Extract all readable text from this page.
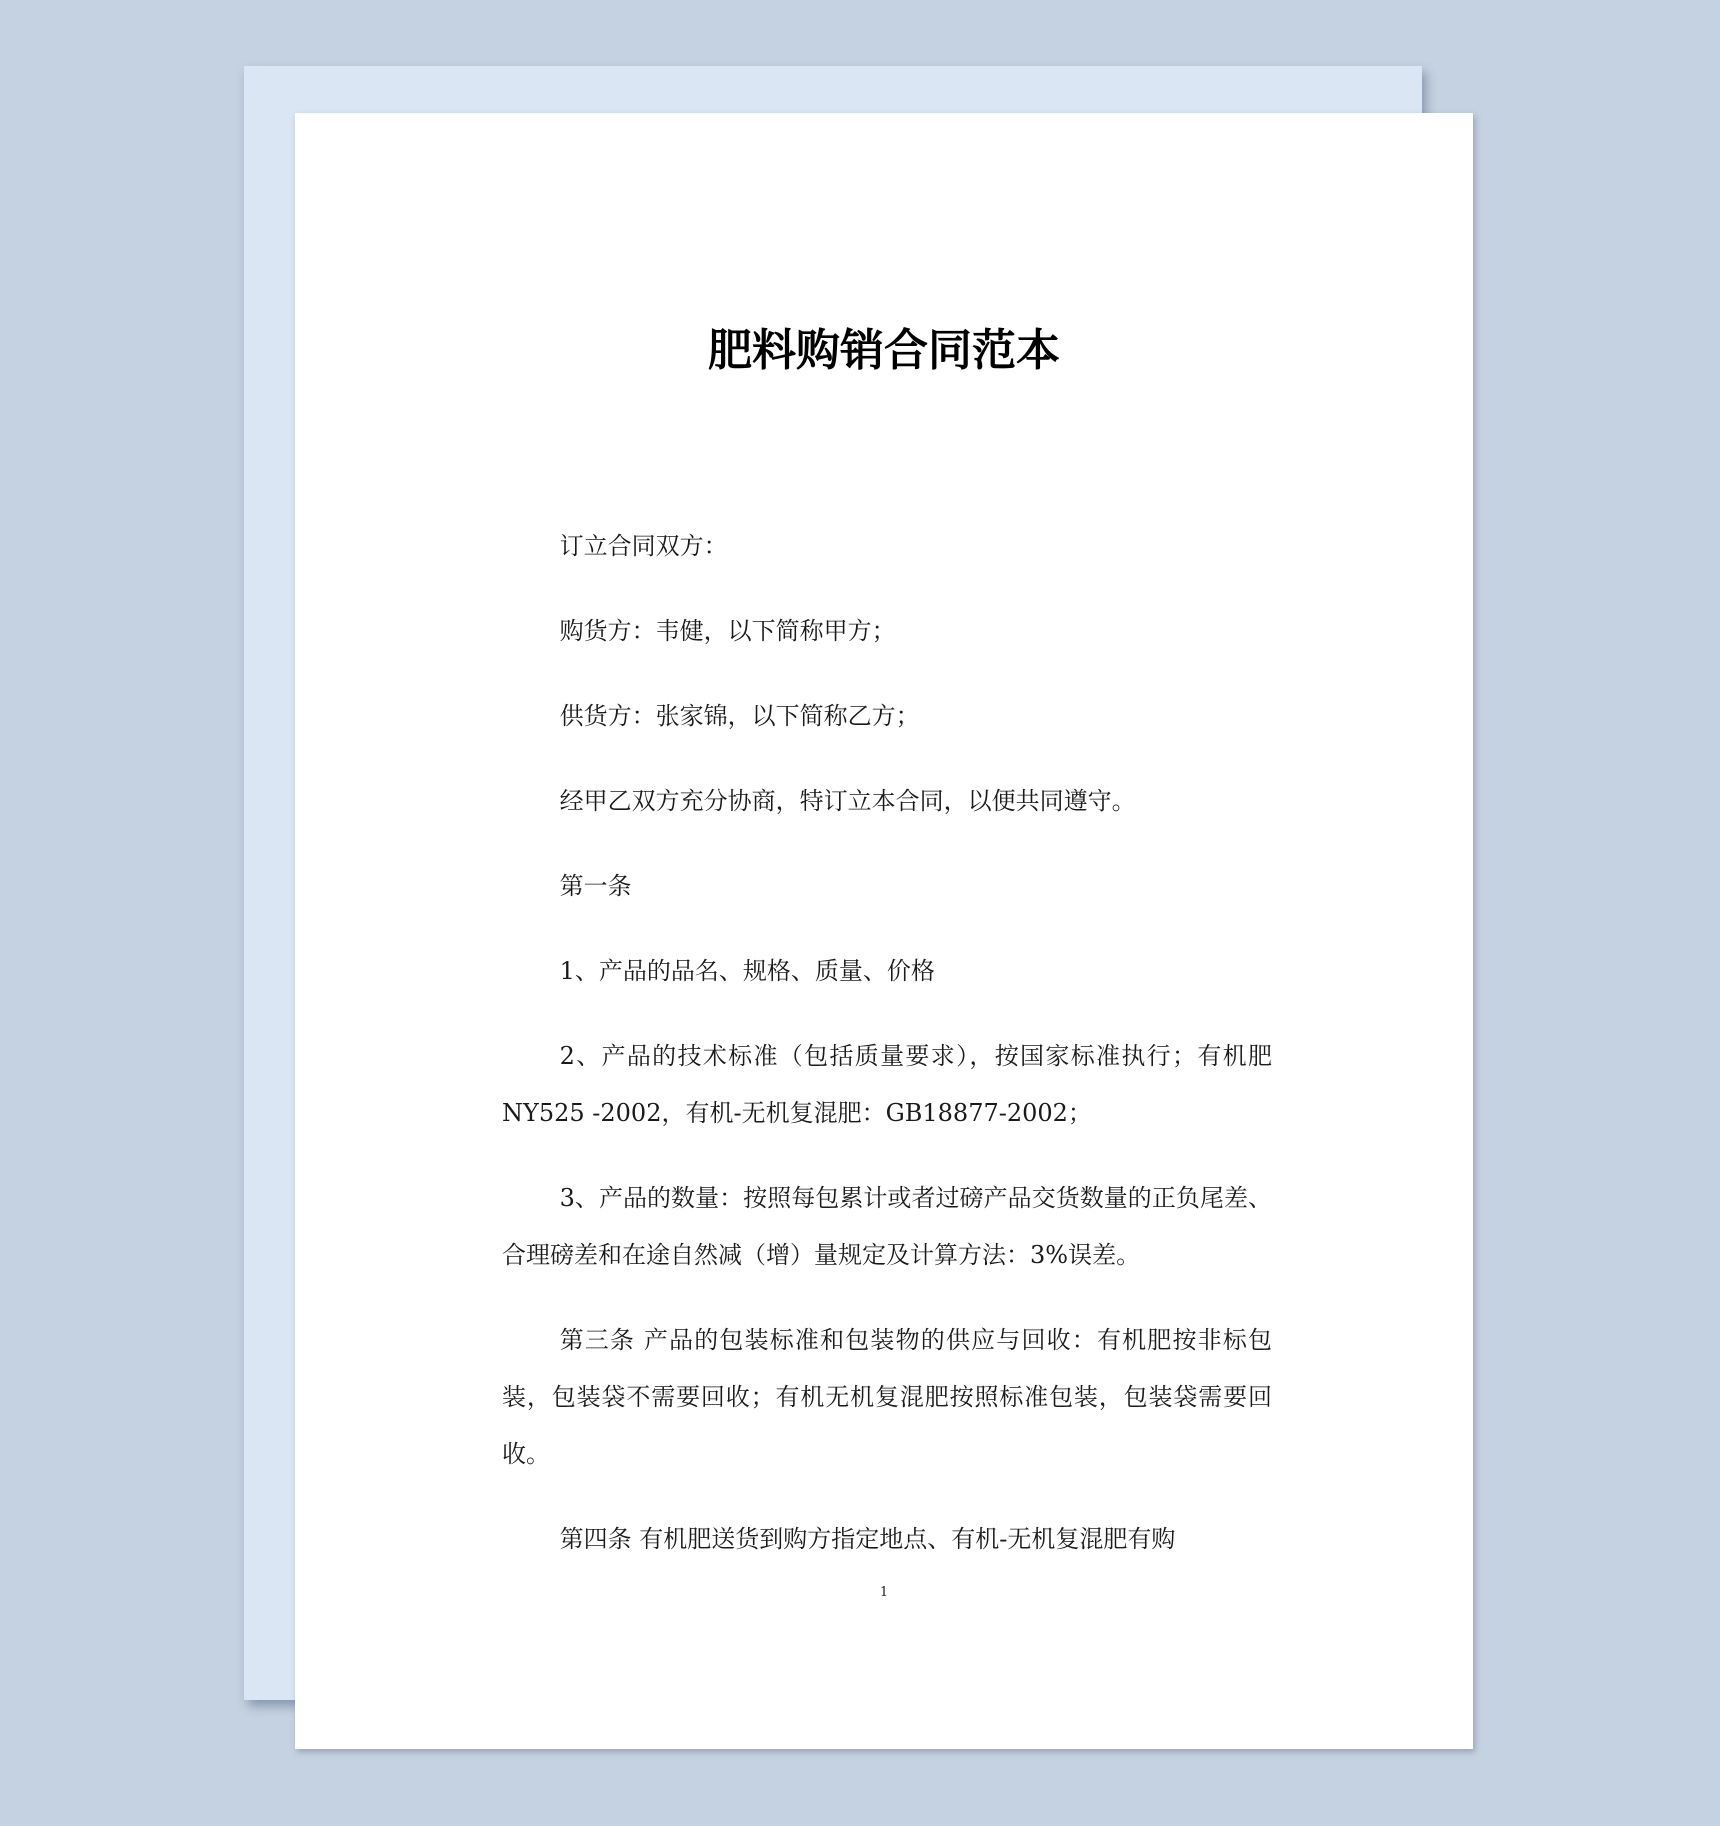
肥料购销合同范本

订立合同双方：

购货方：韦健，以下简称甲方；

供货方：张家锦，以下简称乙方；

经甲乙双方充分协商，特订立本合同，以便共同遵守。

第一条

1、产品的品名、规格、质量、价格

2、产品的技术标准（包括质量要求），按国家标准执行；有机肥 NY525 -2002，有机-无机复混肥：GB18877-2002；

3、产品的数量：按照每包累计或者过磅产品交货数量的正负尾差、合理磅差和在途自然减（增）量规定及计算方法：3%误差。

第三条 产品的包装标准和包装物的供应与回收：有机肥按非标包装，包装袋不需要回收；有机无机复混肥按照标准包装，包装袋需要回收。

第四条 有机肥送货到购方指定地点、有机-无机复混肥有购

1
